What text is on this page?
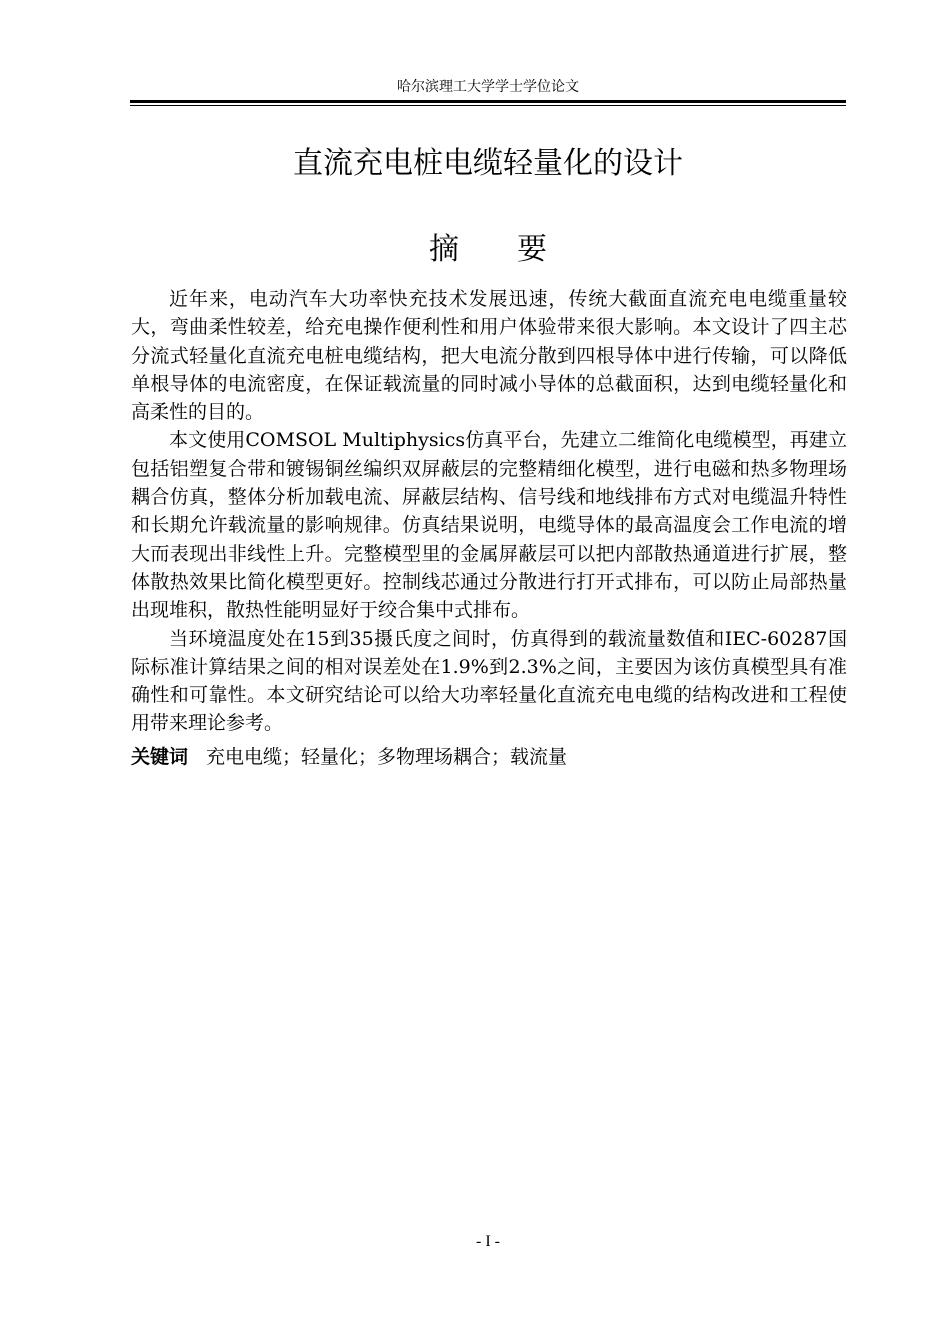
哈尔滨理工大学学士学位论文
直流充电桩电缆轻量化的设计
摘要

近年来，电动汽车大功率快充技术发展迅速，传统大截面直流充电电缆重量较大，弯曲柔性较差，给充电操作便利性和用户体验带来很大影响。本文设计了四主芯分流式轻量化直流充电桩电缆结构，把大电流分散到四根导体中进行传输，可以降低单根导体的电流密度，在保证载流量的同时减小导体的总截面积，达到电缆轻量化和高柔性的目的。

本文使用COMSOL Multiphysics仿真平台，先建立二维简化电缆模型，再建立包括铝塑复合带和镀锡铜丝编织双屏蔽层的完整精细化模型，进行电磁和热多物理场耦合仿真，整体分析加载电流、屏蔽层结构、信号线和地线排布方式对电缆温升特性和长期允许载流量的影响规律。仿真结果说明，电缆导体的最高温度会工作电流的增大而表现出非线性上升。完整模型里的金属屏蔽层可以把内部散热通道进行扩展，整体散热效果比简化模型更好。控制线芯通过分散进行打开式排布，可以防止局部热量出现堆积，散热性能明显好于绞合集中式排布。

当环境温度处在15到35摄氏度之间时，仿真得到的载流量数值和IEC-60287国际标准计算结果之间的相对误差处在1.9%到2.3%之间，主要因为该仿真模型具有准确性和可靠性。本文研究结论可以给大功率轻量化直流充电电缆的结构改进和工程使用带来理论参考。

关键词 充电电缆；轻量化；多物理场耦合；载流量
- I -
